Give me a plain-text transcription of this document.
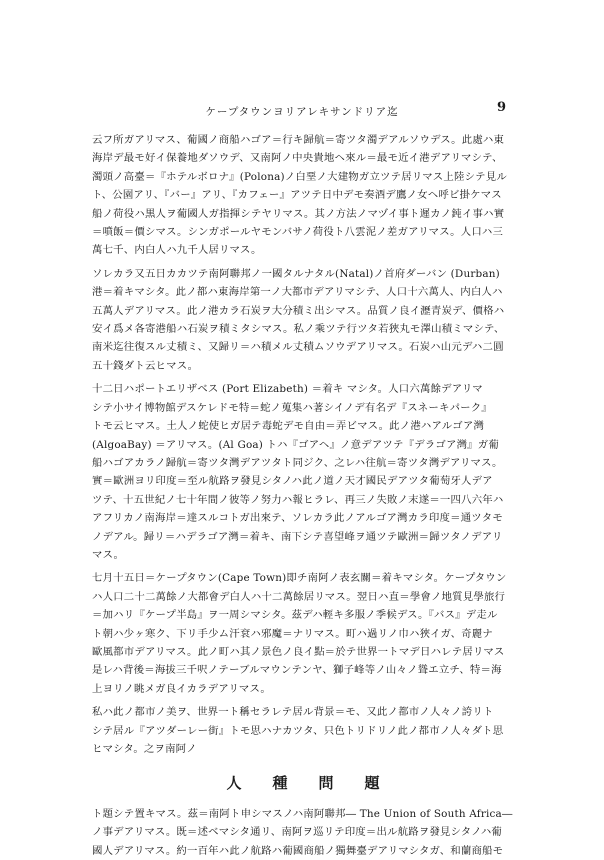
ケープタウンヨリアレキサンドリア迄	9

云フ所ガアリマス、葡國ノ商船ハゴア＝行キ歸航＝寄ツタ濁デアルソウデス。此處ハ東

海岸デ最モ好イ保養地ダソウデ、又南阿ノ中央貴地ヘ來ル＝最モ近イ港デアリマシテ、

濁頭ノ高臺＝『ホテルボロナ』(Polona)ノ白堊ノ大建物ガ立ツテ居リマス上陸シテ見ル

ト、公園アリ、『バー』アリ、『カフェー』アツテ日中デモ奏酒デ鷹ノ女ヘ呼ビ掛ケマス

船ノ荷役ハ黒人ヲ葡國人ガ指揮シテヤリマス。其ノ方法ノマヅイ事ト遲カノ鈍イ事ハ實

＝噴飯＝價シマス。シンガポールヤモンバサノ荷役ト八雲泥ノ差ガアリマス。人口ハ三

萬七千、内白人ハ九千人居リマス。

ソレカラ又五日カカツテ南阿聯邦ノ一國タルナタル(Natal)ノ首府ダーバン (Durban)

港＝着キマシタ。此ノ都ハ東海岸第一ノ大都市デアリマシテ、人口十六萬人、内白人ハ

五萬人デアリマス。此ノ港カラ石炭ヲ大分積ミ出シマス。品質ノ良イ瀝青炭デ、價格ハ

安イ爲メ各寄港船ハ石炭ヲ積ミタシマス。私ノ乘ツテ行ツタ若狹丸モ澤山積ミマシテ、

南米迄往復スル丈積ミ、又歸リ＝ハ積メル丈積ムソウデアリマス。石炭ハ山元デハ二圓

五十錢ダト云ヒマス。

十二日ハポートエリザベス (Port Elizabeth) ＝着キ マシタ。人口六萬餘デアリマ

シテ小サイ博物館デスケレドモ特＝蛇ノ蒐集ハ著シイノデ有名デ『スネーキパーク』

トモ云ヒマス。土人ノ蛇使ヒガ居テ毒蛇デモ自由＝弄ビマス。此ノ港ハアルゴア灣

(AlgoaBay) ＝アリマス。(Al Goa) トハ『ゴアヘ』ノ意デアツテ『デラゴア灣』ガ葡

船ハゴアカラノ歸航＝寄ツタ灣デアツタト同ジク、之レハ往航＝寄ツタ灣デアリマス。

實＝歐洲ヨリ印度＝至ル航路ヲ發見シタノハ此ノ道ノ天才國民デアツタ葡萄牙人デア

ツテ、十五世紀ノ七十年間ノ彼等ノ努力ハ報ヒラレ、再三ノ失敗ノ末遂＝一四八六年ハ

アフリカノ南海岸＝達スルコトガ出來テ、ソレカラ此ノアルゴア灣カラ印度＝通ツタモ

ノデアル。歸リ＝ハデラゴア灣＝着キ、南下シテ喜望峰ヲ通ツテ歐洲＝歸ツタノデアリ

マス。

七月十五日＝ケープタウン(Cape Town)即チ南阿ノ表玄關＝着キマシタ。ケープタウン

ハ人口二十二萬餘ノ大都會デ白人ハ十二萬餘居リマス。翌日ハ直＝學會ノ地質見學旅行

＝加ハリ『ケープ半島』ヲ一周シマシタ。茲デハ輕キ多服ノ季候デス。『バス』デ走ル

ト朝ハ少ヶ寒ク、下リ手少ム汗袞ハ邪魔＝ナリマス。町ハ過リノ巾ハ狹イガ、奇麗ナ

歐風都市デアリマス。此ノ町ハ其ノ景色ノ良イ點＝於テ世界一トマデ日ハレテ居リマス

是レハ背後＝海拔三千呎ノテーブルマウンテンヤ、獅子峰等ノ山々ノ聳エ立チ、特＝海

上ヨリノ眺メガ良イカラデアリマス。

私ハ此ノ都市ノ美ヲ、世界一ト稱セラレテ居ル背景＝モ、又此ノ都市ノ人々ノ誇リト

シテ居ル『アツダーレー街』トモ思ハナカツタ、只色トリドリノ此ノ都市ノ人々ダト思

ヒマシタ。之ヲ南阿ノ

人　種　問　題

ト題シテ置キマス。茲＝南阿ト申シマスノハ南阿聯邦― The Union of South Africa―

ノ事デアリマス。既＝述ベマシタ通リ、南阿ヲ巡リテ印度＝出ル航路ヲ發見シタノハ葡

國人デアリマス。約一百年ハ此ノ航路ハ葡國商船ノ獨舞臺デアリマシタガ、和蘭商船モ
